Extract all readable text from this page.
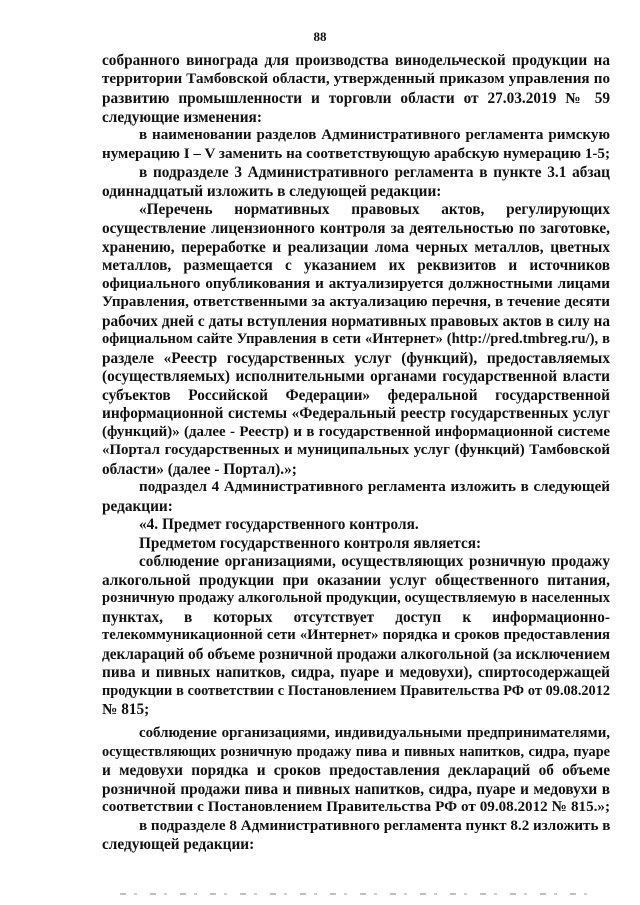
88
собранного винограда для производства винодельческой продукции на
территории Тамбовской области, утвержденный приказом управления по
развитию промышленности и торговли области от 27.03.2019 № 59
следующие изменения:
в наименовании разделов Административного регламента римскую
нумерацию I – V заменить на соответствующую арабскую нумерацию 1-5;
в подразделе 3 Административного регламента в пункте 3.1 абзац
одиннадцатый изложить в следующей редакции:
«Перечень нормативных правовых актов, регулирующих
осуществление лицензионного контроля за деятельностью по заготовке,
хранению, переработке и реализации лома черных металлов, цветных
металлов, размещается с указанием их реквизитов и источников
официального опубликования и актуализируется должностными лицами
Управления, ответственными за актуализацию перечня, в течение десяти
рабочих дней с даты вступления нормативных правовых актов в силу на
официальном сайте Управления в сети «Интернет» (http://pred.tmbreg.ru/), в
разделе «Реестр государственных услуг (функций), предоставляемых
(осуществляемых) исполнительными органами государственной власти
субъектов Российской Федерации» федеральной государственной
информационной системы «Федеральный реестр государственных услуг
(функций)» (далее - Реестр) и в государственной информационной системе
«Портал государственных и муниципальных услуг (функций) Тамбовской
области» (далее - Портал).»;
подраздел 4 Административного регламента изложить в следующей
редакции:
«4. Предмет государственного контроля.
Предметом государственного контроля является:
соблюдение организациями, осуществляющих розничную продажу
алкогольной продукции при оказании услуг общественного питания,
розничную продажу алкогольной продукции, осуществляемую в населенных
пунктах, в которых отсутствует доступ к информационно-
телекоммуникационной сети «Интернет» порядка и сроков предоставления
деклараций об объеме розничной продажи алкогольной (за исключением
пива и пивных напитков, сидра, пуаре и медовухи), спиртосодержащей
продукции в соответствии с Постановлением Правительства РФ от 09.08.2012
№ 815;
соблюдение организациями, индивидуальными предпринимателями,
осуществляющих розничную продажу пива и пивных напитков, сидра, пуаре
и медовухи порядка и сроков предоставления деклараций об объеме
розничной продажи пива и пивных напитков, сидра, пуаре и медовухи в
соответствии с Постановлением Правительства РФ от 09.08.2012 № 815.»;
в подразделе 8 Административного регламента пункт 8.2 изложить в
следующей редакции:
